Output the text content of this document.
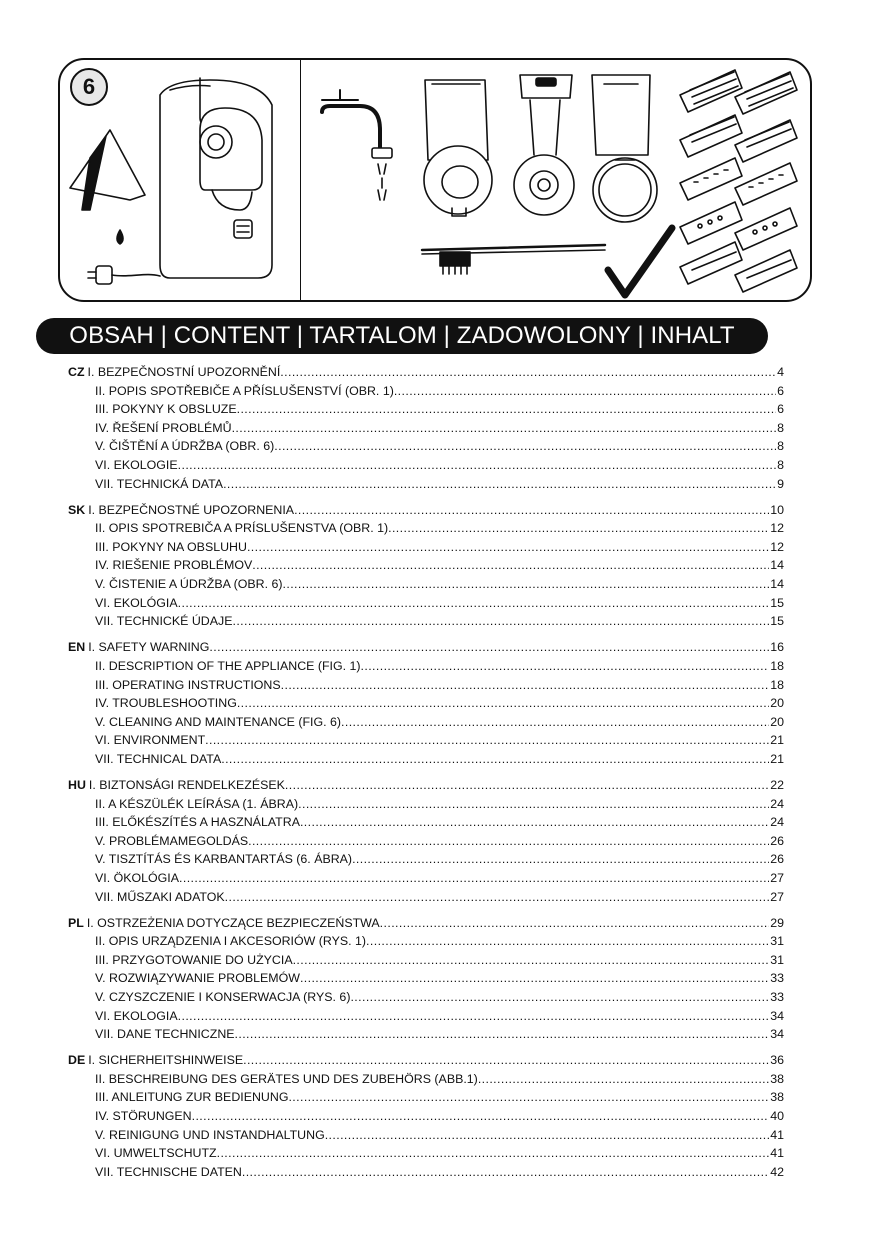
6
OBSAH | CONTENT | TARTALOM | ZADOWOLONY | INHALT
CZ I. BEZPEČNOSTNÍ UPOZORNĚNÍ .....	4
II. POPIS SPOTŘEBIČE A PŘÍSLUŠENSTVÍ (OBR. 1) .....	6
III. POKYNY K OBSLUZE .....	6
IV. ŘEŠENÍ PROBLÉMŮ .....	8
V. ČIŠTĚNÍ A ÚDRŽBA (OBR. 6) .....	8
VI. EKOLOGIE .....	8
VII. TECHNICKÁ DATA .....	9
SK I. BEZPEČNOSTNÉ UPOZORNENIA .....	10
II. OPIS SPOTREBIČA A PRÍSLUŠENSTVA (OBR. 1) .....	12
III. POKYNY NA OBSLUHU .....	12
IV. RIEŠENIE PROBLÉMOV .....	14
V. ČISTENIE A ÚDRŽBA (OBR. 6) .....	14
VI. EKOLÓGIA .....	15
VII. TECHNICKÉ ÚDAJE .....	15
EN I. SAFETY WARNING .....	16
II. DESCRIPTION OF THE APPLIANCE (FIG. 1) .....	18
III. OPERATING INSTRUCTIONS .....	18
IV. TROUBLESHOOTING .....	20
V. CLEANING AND MAINTENANCE (FIG. 6) .....	20
VI. ENVIRONMENT .....	21
VII. TECHNICAL DATA .....	21
HU I. BIZTONSÁGI RENDELKEZÉSEK .....	22
II. A KÉSZÜLÉK LEÍRÁSA (1. ÁBRA) .....	24
III. ELŐKÉSZÍTÉS A HASZNÁLATRA .....	24
V. PROBLÉMAMEGOLDÁS .....	26
V. TISZTÍTÁS ÉS KARBANTARTÁS (6. ÁBRA) .....	26
VI. ÖKOLÓGIA .....	27
VII. MŰSZAKI ADATOK .....	27
PL I. OSTRZEŻENIA DOTYCZĄCE BEZPIECZEŃSTWA .....	29
II. OPIS URZĄDZENIA I AKCESORIÓW (RYS. 1) .....	31
III. PRZYGOTOWANIE DO UŻYCIA .....	31
V. ROZWIĄZYWANIE PROBLEMÓW .....	33
V. CZYSZCZENIE I KONSERWACJA (RYS. 6) .....	33
VI. EKOLOGIA .....	34
VII. DANE TECHNICZNE .....	34
DE I. SICHERHEITSHINWEISE .....	36
II. BESCHREIBUNG DES GERÄTES UND DES ZUBEHÖRS (ABB.1) .....	38
III. ANLEITUNG ZUR BEDIENUNG .....	38
IV. STÖRUNGEN .....	40
V. REINIGUNG UND INSTANDHALTUNG .....	41
VI. UMWELTSCHUTZ .....	41
VII. TECHNISCHE DATEN .....	42
